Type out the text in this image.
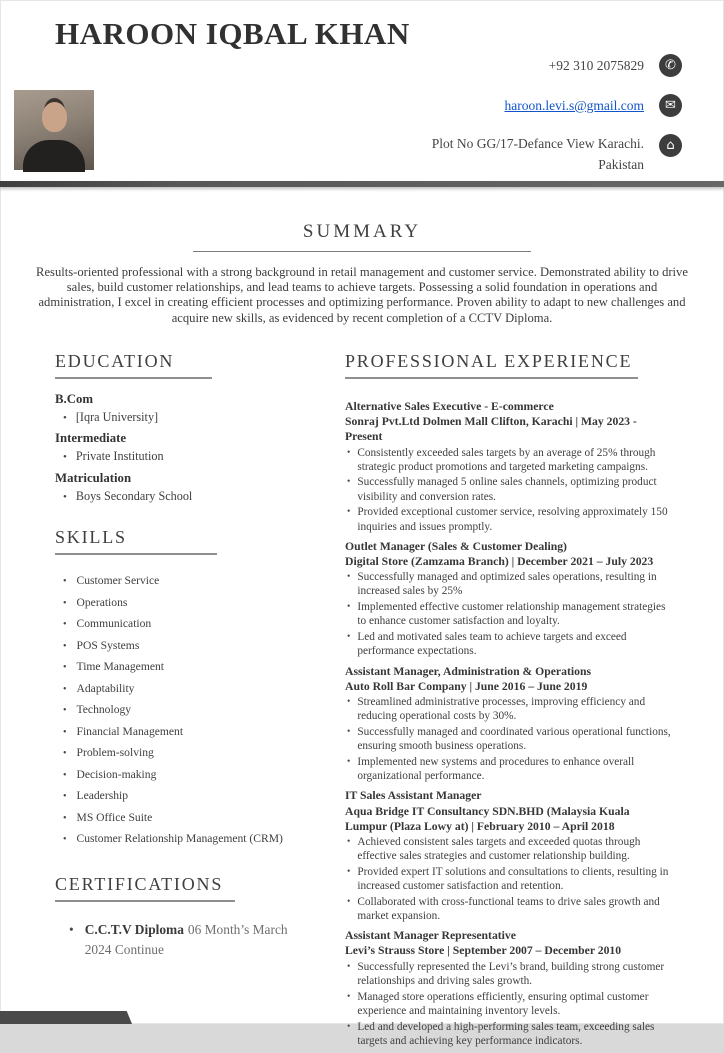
HAROON IQBAL KHAN
+92 310 2075829 ✆
haroon.levi.s@gmail.com ✉
Plot No GG/17-Defance View Karachi.
Pakistan
⌂
SUMMARY

Results-oriented professional with a strong background in retail management and customer service. Demonstrated ability to drive sales, build customer relationships, and lead teams to achieve targets. Possessing a solid foundation in operations and administration, I excel in creating efficient processes and optimizing performance. Proven ability to adapt to new challenges and acquire new skills, as evidenced by recent completion of a CCTV Diploma.

EDUCATION
B.Com
• [Iqra University]
Intermediate
• Private Institution
Matriculation
• Boys Secondary School
SKILLS
• Customer Service
• Operations
• Communication
• POS Systems
• Time Management
• Adaptability
• Technology
• Financial Management
• Problem-solving
• Decision-making
• Leadership
• MS Office Suite
• Customer Relationship Management (CRM)
CERTIFICATIONS

• C.C.T.V Diploma 06 Month’s March 2024 Continue

PROFESSIONAL EXPERIENCE
Alternative Sales Executive - E-commerce
Sonraj Pvt.Ltd Dolmen Mall Clifton, Karachi | May 2023 - Present
• Consistently exceeded sales targets by an average of 25% through strategic product promotions and targeted marketing campaigns.
• Successfully managed 5 online sales channels, optimizing product visibility and conversion rates.
• Provided exceptional customer service, resolving approximately 150 inquiries and issues promptly.
Outlet Manager (Sales & Customer Dealing)
Digital Store (Zamzama Branch) | December 2021 – July 2023
• Successfully managed and optimized sales operations, resulting in increased sales by 25%
• Implemented effective customer relationship management strategies to enhance customer satisfaction and loyalty.
• Led and motivated sales team to achieve targets and exceed performance expectations.
Assistant Manager, Administration & Operations
Auto Roll Bar Company | June 2016 – June 2019
• Streamlined administrative processes, improving efficiency and reducing operational costs by 30%.
• Successfully managed and coordinated various operational functions, ensuring smooth business operations.
• Implemented new systems and procedures to enhance overall organizational performance.
IT Sales Assistant Manager
Aqua Bridge IT Consultancy SDN.BHD (Malaysia Kuala Lumpur (Plaza Lowy at) | February 2010 – April 2018
• Achieved consistent sales targets and exceeded quotas through effective sales strategies and customer relationship building.
• Provided expert IT solutions and consultations to clients, resulting in increased customer satisfaction and retention.
• Collaborated with cross-functional teams to drive sales growth and market expansion.
Assistant Manager Representative
Levi’s Strauss Store | September 2007 – December 2010
• Successfully represented the Levi’s brand, building strong customer relationships and driving sales growth.
• Managed store operations efficiently, ensuring optimal customer experience and maintaining inventory levels.
• Led and developed a high-performing sales team, exceeding sales targets and achieving key performance indicators.
